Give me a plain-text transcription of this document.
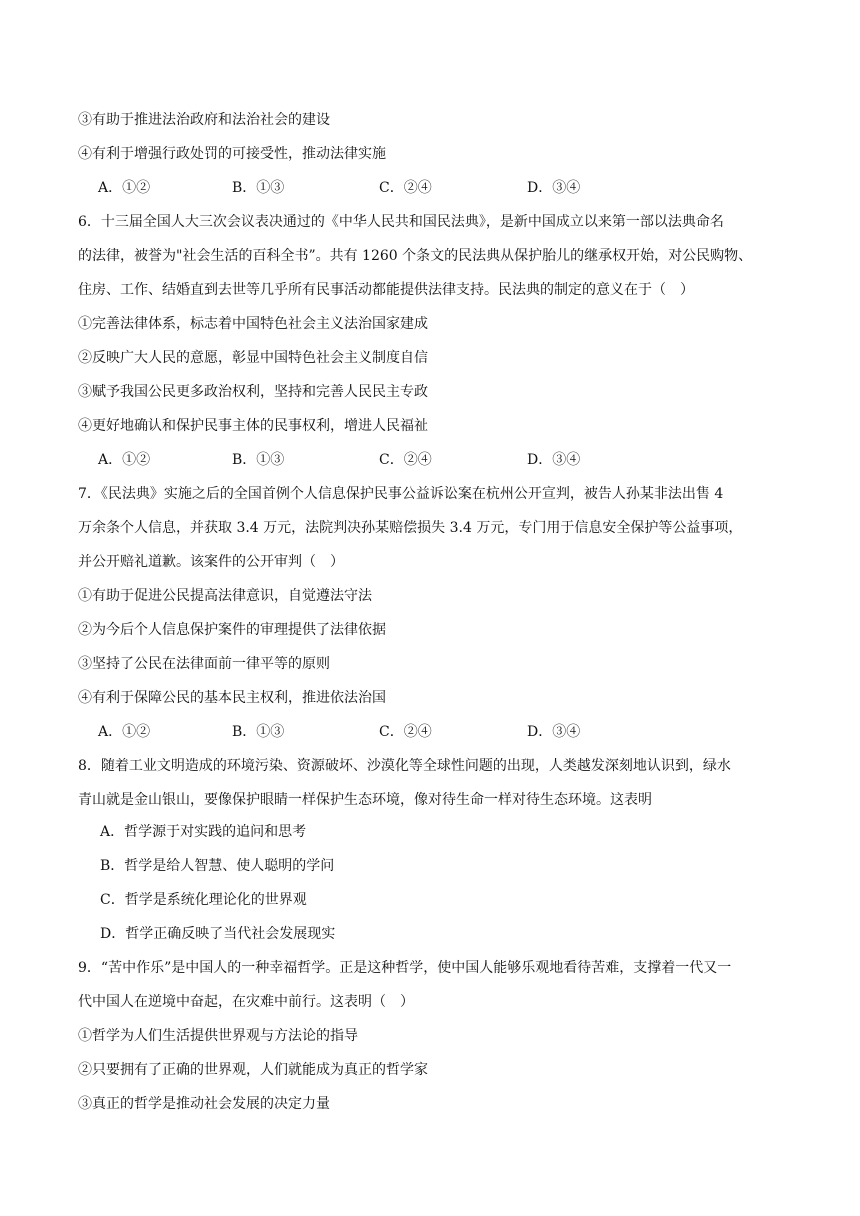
③有助于推进法治政府和法治社会的建设
④有利于增强行政处罚的可接受性，推动法律实施
A．①②	B．①③	C．②④	D．③④
6．十三届全国人大三次会议表决通过的《中华人民共和国民法典》，是新中国成立以来第一部以法典命名
的法律，被誉为"社会生活的百科全书”。共有 1260 个条文的民法典从保护胎儿的继承权开始，对公民购物、
住房、工作、结婚直到去世等几乎所有民事活动都能提供法律支持。民法典的制定的意义在于（　）
①完善法律体系，标志着中国特色社会主义法治国家建成
②反映广大人民的意愿，彰显中国特色社会主义制度自信
③赋予我国公民更多政治权利，坚持和完善人民民主专政
④更好地确认和保护民事主体的民事权利，增进人民福祉
A．①②	B．①③	C．②④	D．③④
7．《民法典》实施之后的全国首例个人信息保护民事公益诉讼案在杭州公开宣判，被告人孙某非法出售 4
万余条个人信息，并获取 3.4 万元，法院判决孙某赔偿损失 3.4 万元，专门用于信息安全保护等公益事项，
并公开赔礼道歉。该案件的公开审判（　）
①有助于促进公民提高法律意识，自觉遵法守法
②为今后个人信息保护案件的审理提供了法律依据
③坚持了公民在法律面前一律平等的原则
④有利于保障公民的基本民主权利，推进依法治国
A．①②	B．①③	C．②④	D．③④
8．随着工业文明造成的环境污染、资源破坏、沙漠化等全球性问题的出现，人类越发深刻地认识到，绿水
青山就是金山银山，要像保护眼睛一样保护生态环境，像对待生命一样对待生态环境。这表明
A．哲学源于对实践的追问和思考
B．哲学是给人智慧、使人聪明的学问
C．哲学是系统化理论化的世界观
D．哲学正确反映了当代社会发展现实
9．“苦中作乐”是中国人的一种幸福哲学。正是这种哲学，使中国人能够乐观地看待苦难，支撑着一代又一
代中国人在逆境中奋起，在灾难中前行。这表明（　）
①哲学为人们生活提供世界观与方法论的指导
②只要拥有了正确的世界观，人们就能成为真正的哲学家
③真正的哲学是推动社会发展的决定力量
